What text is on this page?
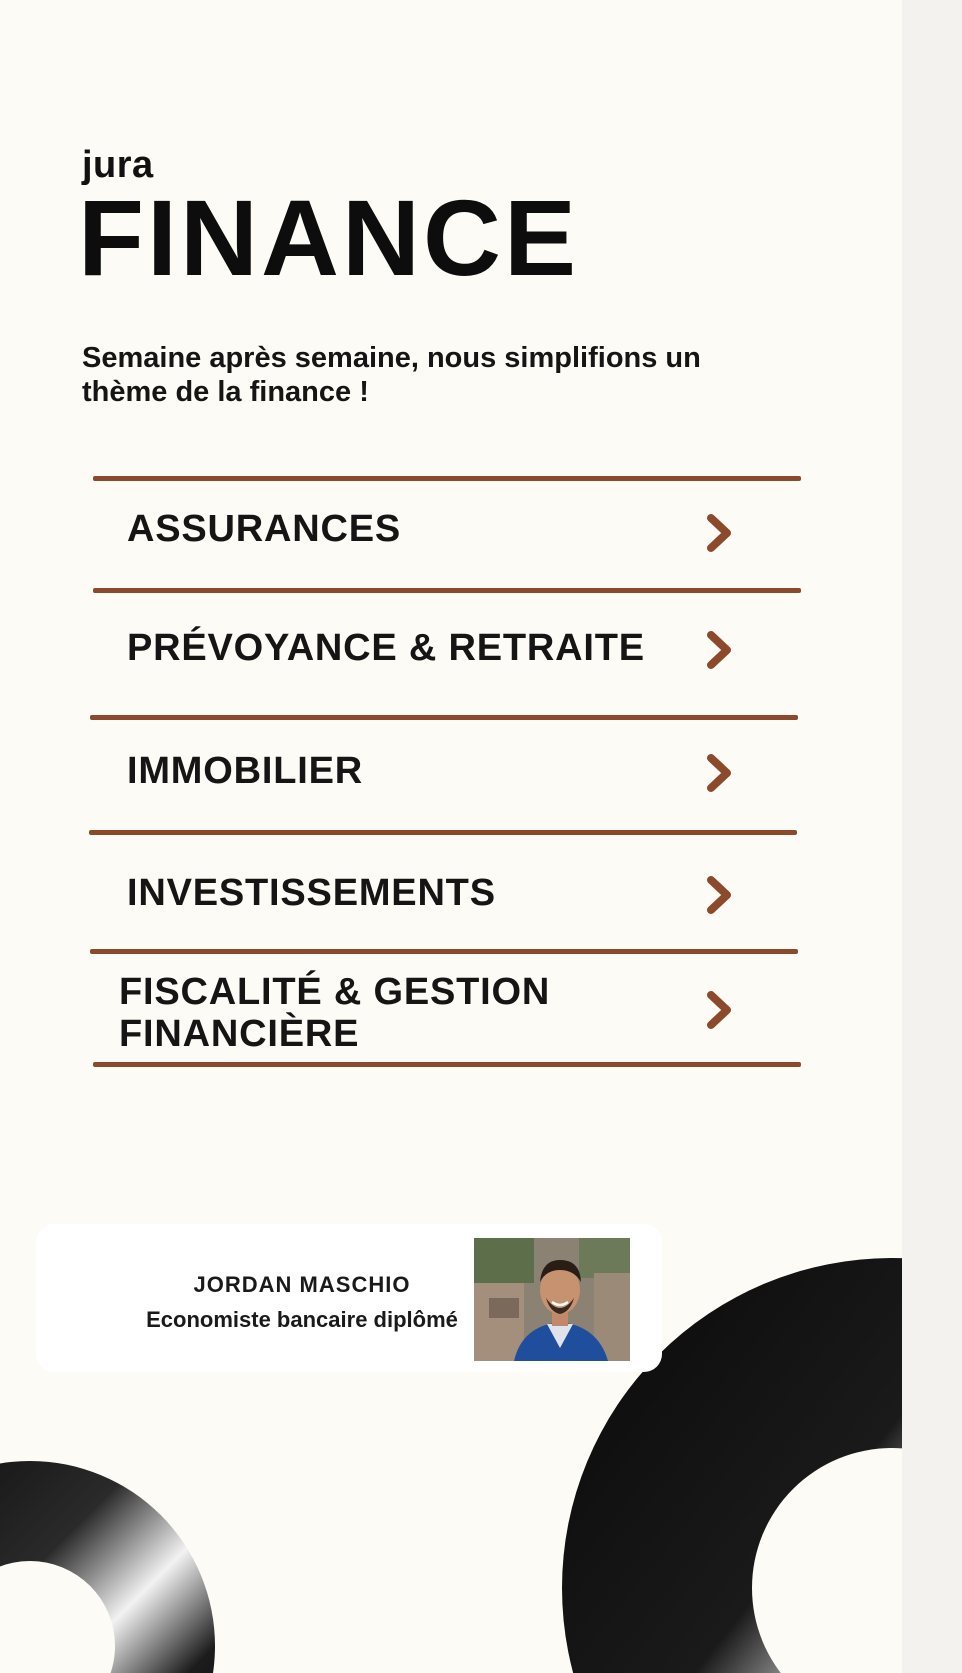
jura
FINANCE
Semaine après semaine, nous simplifions un
thème de la finance !
ASSURANCES
PRÉVOYANCE & RETRAITE
IMMOBILIER
INVESTISSEMENTS
FISCALITÉ & GESTION
FINANCIÈRE
JORDAN MASCHIO
Economiste bancaire diplômé
